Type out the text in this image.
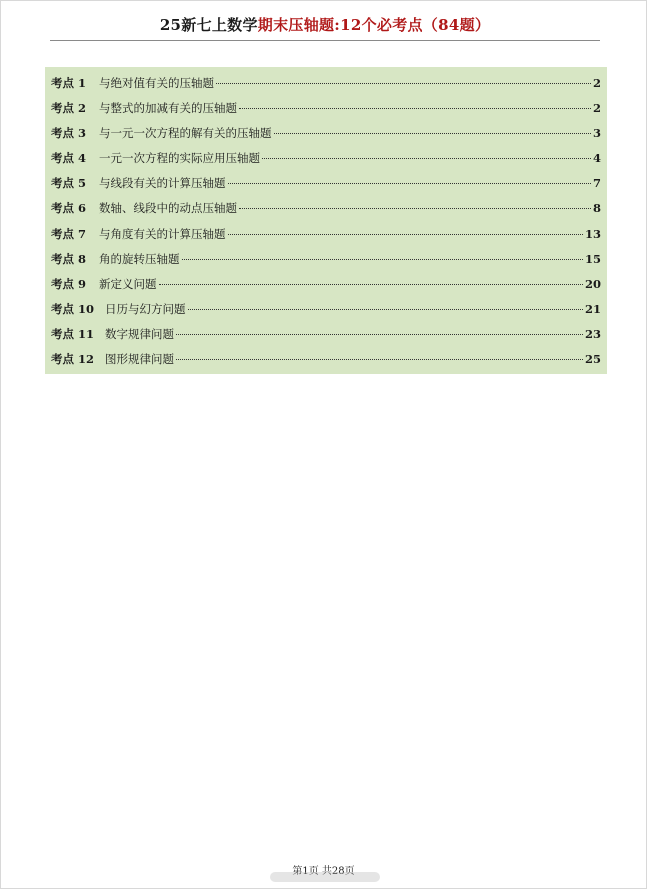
25新七上数学期末压轴题:12个必考点（84题）
考点 1	与绝对值有关的压轴题	2
考点 2	与整式的加减有关的压轴题	2
考点 3	与一元一次方程的解有关的压轴题	3
考点 4	一元一次方程的实际应用压轴题	4
考点 5	与线段有关的计算压轴题	7
考点 6	数轴、线段中的动点压轴题	8
考点 7	与角度有关的计算压轴题	13
考点 8	角的旋转压轴题	15
考点 9	新定义问题	20
考点 10 日历与幻方问题	21
考点 11 数字规律问题	23
考点 12 图形规律问题	25
第1页 共28页
